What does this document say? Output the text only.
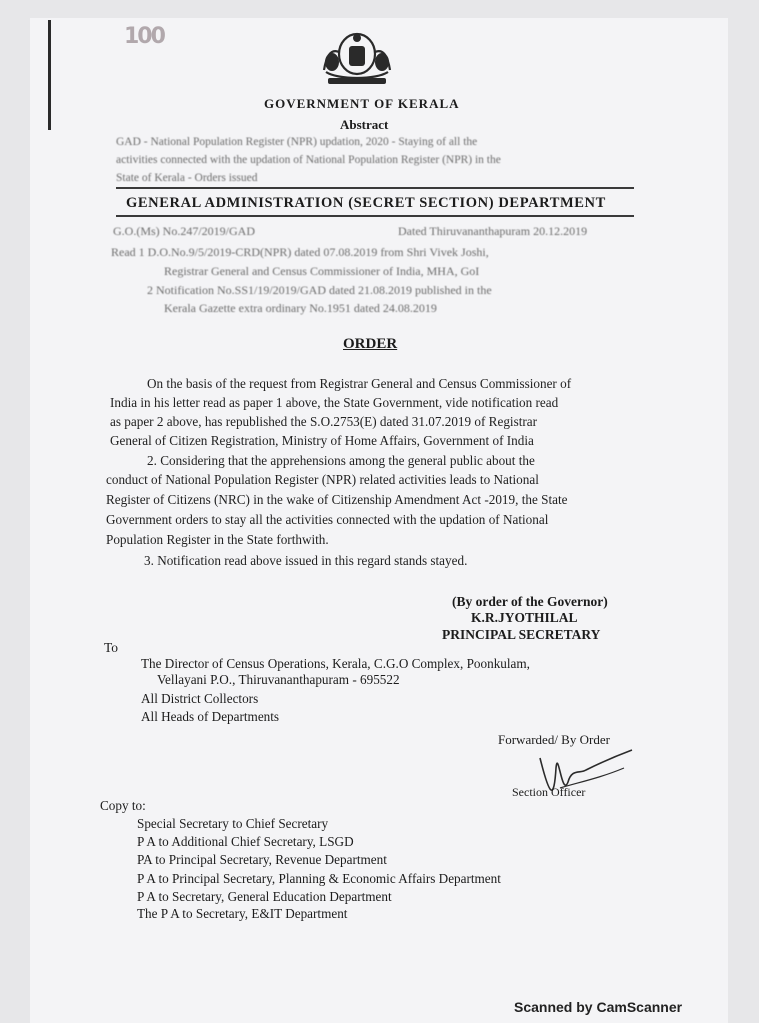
100
GOVERNMENT OF KERALA
Abstract
GAD - National Population Register (NPR) updation, 2020 - Staying of all the
activities connected with the updation of National Population Register (NPR) in the
State of Kerala - Orders issued
GENERAL ADMINISTRATION (SECRET SECTION) DEPARTMENT
G.O.(Ms) No.247/2019/GAD	Dated Thiruvananthapuram 20.12.2019
Read 1 D.O.No.9/5/2019-CRD(NPR) dated 07.08.2019 from Shri Vivek Joshi,
Registrar General and Census Commissioner of India, MHA, GoI
2 Notification No.SS1/19/2019/GAD dated 21.08.2019 published in the
Kerala Gazette extra ordinary No.1951 dated 24.08.2019
ORDER
On the basis of the request from Registrar General and Census Commissioner of
India in his letter read as paper 1 above, the State Government, vide notification read
as paper 2 above, has republished the S.O.2753(E) dated 31.07.2019 of Registrar
General of Citizen Registration, Ministry of Home Affairs, Government of India
2. Considering that the apprehensions among the general public about the
conduct of National Population Register (NPR) related activities leads to National
Register of Citizens (NRC) in the wake of Citizenship Amendment Act -2019, the State
Government orders to stay all the activities connected with the updation of National
Population Register in the State forthwith.
3. Notification read above issued in this regard stands stayed.
(By order of the Governor)
K.R.JYOTHILAL
PRINCIPAL SECRETARY
To
The Director of Census Operations, Kerala, C.G.O Complex, Poonkulam,
Vellayani P.O., Thiruvananthapuram - 695522
All District Collectors
All Heads of Departments
Forwarded/ By Order
Section Officer
Copy to:
Special Secretary to Chief Secretary
P A to Additional Chief Secretary, LSGD
PA to Principal Secretary, Revenue Department
P A to Principal Secretary, Planning & Economic Affairs Department
P A to Secretary, General Education Department
The P A to Secretary, E&IT Department
Scanned by CamScanner
